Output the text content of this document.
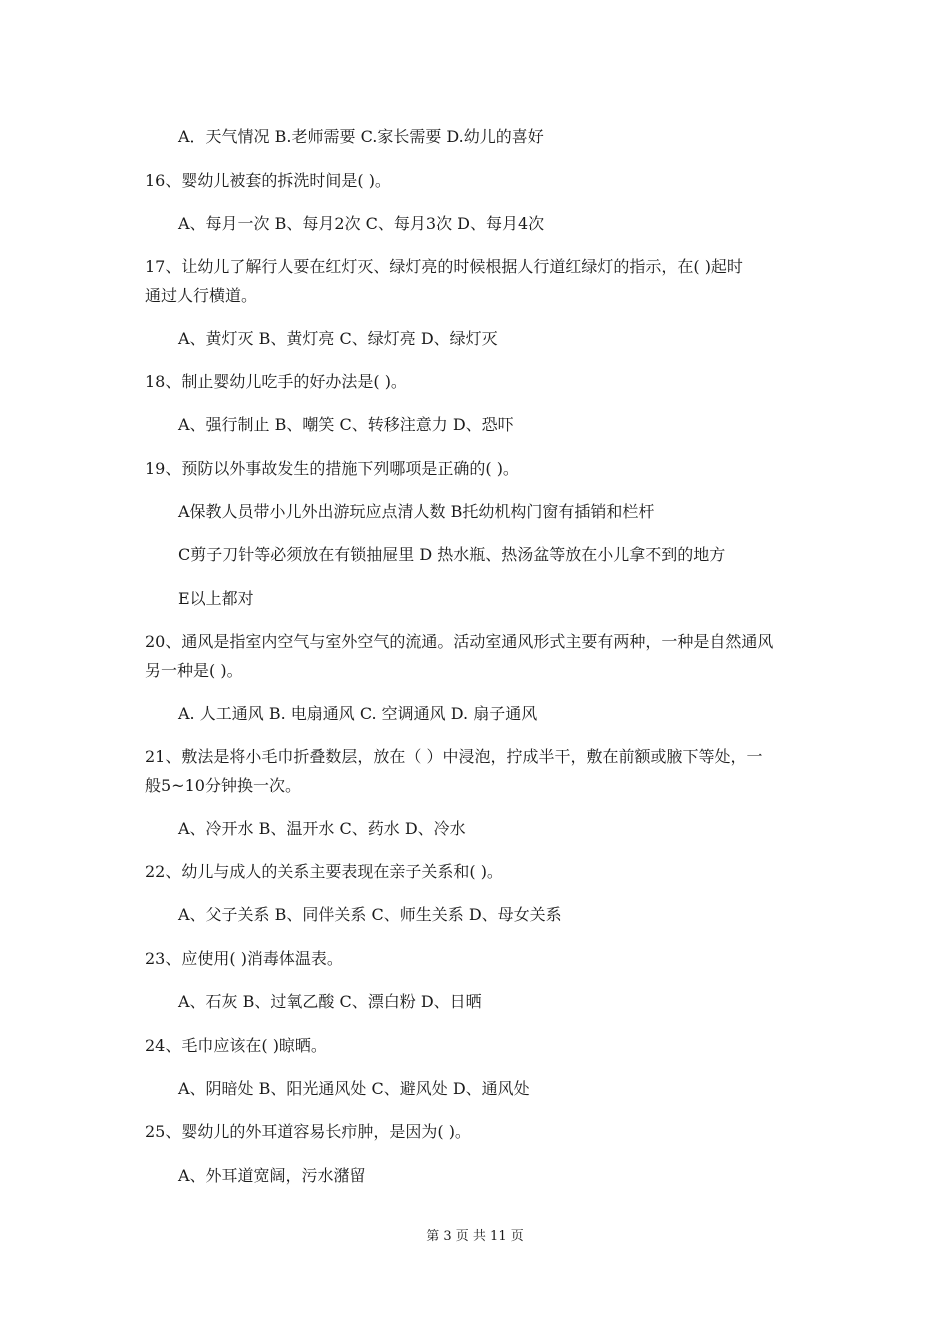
A．天气情况 B.老师需要 C.家长需要 D.幼儿的喜好
16、婴幼儿被套的拆洗时间是( )。
A、每月一次 B、每月2次 C、每月3次 D、每月4次
17、让幼儿了解行人要在红灯灭、绿灯亮的时候根据人行道红绿灯的指示，在( )起时
通过人行横道。
A、黄灯灭 B、黄灯亮 C、绿灯亮 D、绿灯灭
18、制止婴幼儿吃手的好办法是( )。
A、强行制止 B、嘲笑 C、转移注意力 D、恐吓
19、预防以外事故发生的措施下列哪项是正确的( )。
A保教人员带小儿外出游玩应点清人数 B托幼机构门窗有插销和栏杆
C剪子刀针等必须放在有锁抽屉里 D 热水瓶、热汤盆等放在小儿拿不到的地方
E以上都对
20、通风是指室内空气与室外空气的流通。活动室通风形式主要有两种，一种是自然通风
另一种是( )。
A. 人工通风 B. 电扇通风 C. 空调通风 D. 扇子通风
21、敷法是将小毛巾折叠数层，放在（ ）中浸泡，拧成半干，敷在前额或腋下等处，一
般5~10分钟换一次。
A、冷开水 B、温开水 C、药水 D、冷水
22、幼儿与成人的关系主要表现在亲子关系和( )。
A、父子关系 B、同伴关系 C、师生关系 D、母女关系
23、应使用( )消毒体温表。
A、石灰 B、过氧乙酸 C、漂白粉 D、日晒
24、毛巾应该在( )晾晒。
A、阴暗处 B、阳光通风处 C、避风处 D、通风处
25、婴幼儿的外耳道容易长疖肿，是因为( )。
A、外耳道宽阔，污水潴留
第 3 页 共 11 页
